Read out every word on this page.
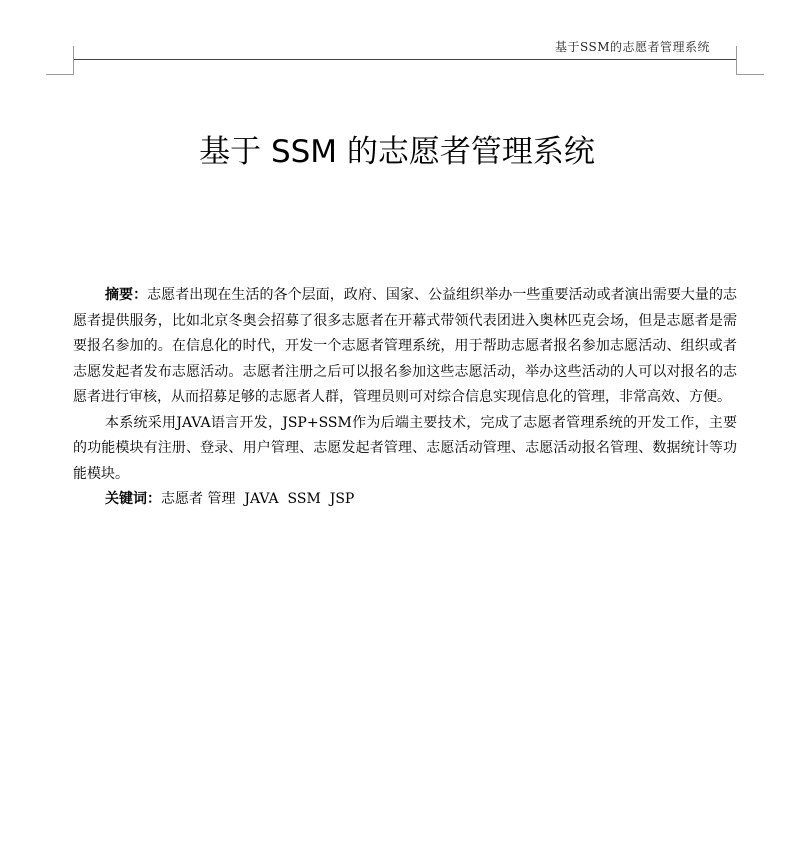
基于SSM的志愿者管理系统
基于 SSM 的志愿者管理系统

摘要：志愿者出现在生活的各个层面，政府、国家、公益组织举办一些重要活动或者演出需要大量的志愿者提供服务，比如北京冬奥会招募了很多志愿者在开幕式带领代表团进入奥林匹克会场，但是志愿者是需要报名参加的。在信息化的时代，开发一个志愿者管理系统，用于帮助志愿者报名参加志愿活动、组织或者志愿发起者发布志愿活动。志愿者注册之后可以报名参加这些志愿活动，举办这些活动的人可以对报名的志愿者进行审核，从而招募足够的志愿者人群，管理员则可对综合信息实现信息化的管理，非常高效、方便。

本系统采用JAVA语言开发，JSP+SSM作为后端主要技术，完成了志愿者管理系统的开发工作，主要的功能模块有注册、登录、用户管理、志愿发起者管理、志愿活动管理、志愿活动报名管理、数据统计等功能模块。

关键词：志愿者 管理  JAVA  SSM  JSP
